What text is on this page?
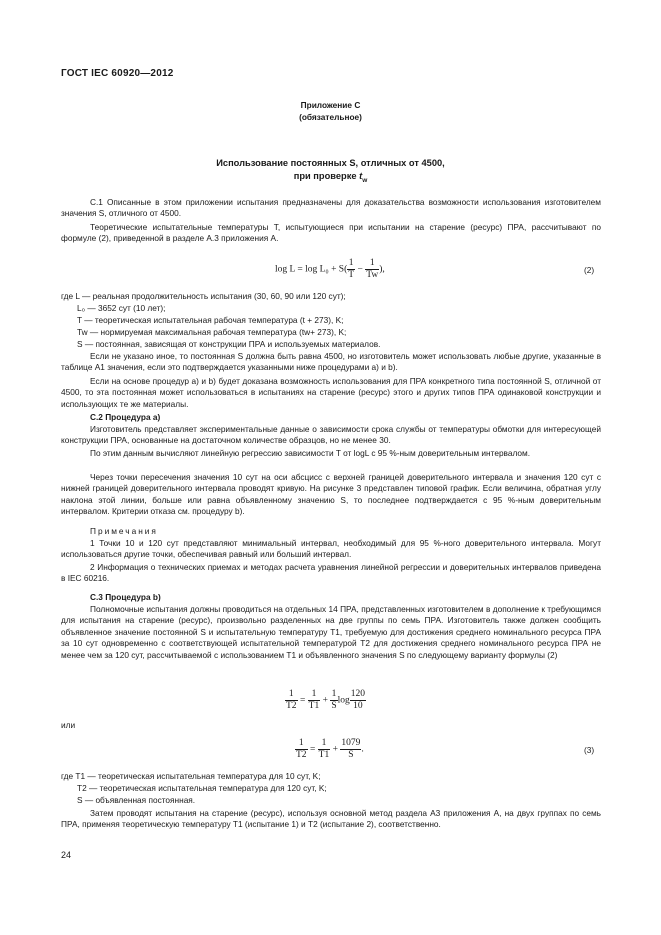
ГОСТ IEC 60920—2012
Приложение С
(обязательное)
Использование постоянных S, отличных от 4500,
при проверке $t_w$
С.1 Описанные в этом приложении испытания предназначены для доказательства возможности использования изготовителем значения S, отличного от 4500.
Теоретические испытательные температуры T, испытующиеся при испытании на старение (ресурс) ПРА, рассчитывают по формуле (2), приведенной в разделе А.3 приложения А.
$\log L = \log L_0 + S( \frac{1}{T} - \frac{1}{Tw}$ ),	(2)
где L — реальная продолжительность испытания (30, 60, 90 или 120 сут);
L₀ — 3652 сут (10 лет);
T — теоретическая испытательная рабочая температура (t + 273), K;
Tw — нормируемая максимальная рабочая температура (tw+ 273), K;
S — постоянная, зависящая от конструкции ПРА и используемых материалов.
Если не указано иное, то постоянная S должна быть равна 4500, но изготовитель может использовать любые другие, указанные в таблице А1 значения, если это подтверждается указанными ниже процедурами а) и b).
Если на основе процедур а) и b) будет доказана возможность использования для ПРА конкретного типа постоянной S, отличной от 4500, то эта постоянная может использоваться в испытаниях на старение (ресурс) этого и других типов ПРА одинаковой конструкции и использующих те же материалы.
С.2 Процедура а)
Изготовитель представляет экспериментальные данные о зависимости срока службы от температуры обмотки для интересующей конструкции ПРА, основанные на достаточном количестве образцов, но не менее 30.
По этим данным вычисляют линейную регрессию зависимости T от logL с 95 %-ным доверительным интервалом.
Через точки пересечения значения 10 сут на оси абсцисс с верхней границей доверительного интервала и значения 120 сут с нижней границей доверительного интервала проводят кривую. На рисунке 3 представлен типовой график. Если величина, обратная углу наклона этой линии, больше или равна объявленному значению S, то последнее подтверждается с 95 %-ным доверительным интервалом. Критерии отказа см. процедуру b).
Примечания
1 Точки 10 и 120 сут представляют минимальный интервал, необходимый для 95 %-ного доверительного интервала. Могут использоваться другие точки, обеспечивая равный или больший интервал.
2 Информация о технических приемах и методах расчета уравнения линейной регрессии и доверительных интервалов приведена в IEC 60216.
С.3 Процедура b)
Полномочные испытания должны проводиться на отдельных 14 ПРА, представленных изготовителем в дополнение к требующимся для испытания на старение (ресурс), произвольно разделенных на две группы по семь ПРА. Изготовитель также должен сообщить объявленное значение постоянной S и испытательную температуру T1, требуемую для достижения среднего номинального ресурса ПРА за 10 сут одновременно с соответствующей испытательной температурой T2 для достижения среднего номинального ресурса ПРА не менее чем за 120 сут, рассчитываемой с использованием T1 и объявленного значения S по следующему варианту формулы (2)
$\frac{1}{T2} = \frac{1}{T1} + \frac{1}{S}$ $\log \frac{120}{10}$
или
$\frac{1}{T2} = \frac{1}{T1} + \frac{1079}{S}$ .	(3)
где T1 — теоретическая испытательная температура для 10 сут, K;
T2 — теоретическая испытательная температура для 120 сут, K;
S — объявленная постоянная.
Затем проводят испытания на старение (ресурс), используя основной метод раздела А3 приложения А, на двух группах по семь ПРА, применяя теоретическую температуру T1 (испытание 1) и T2 (испытание 2), соответственно.
24
